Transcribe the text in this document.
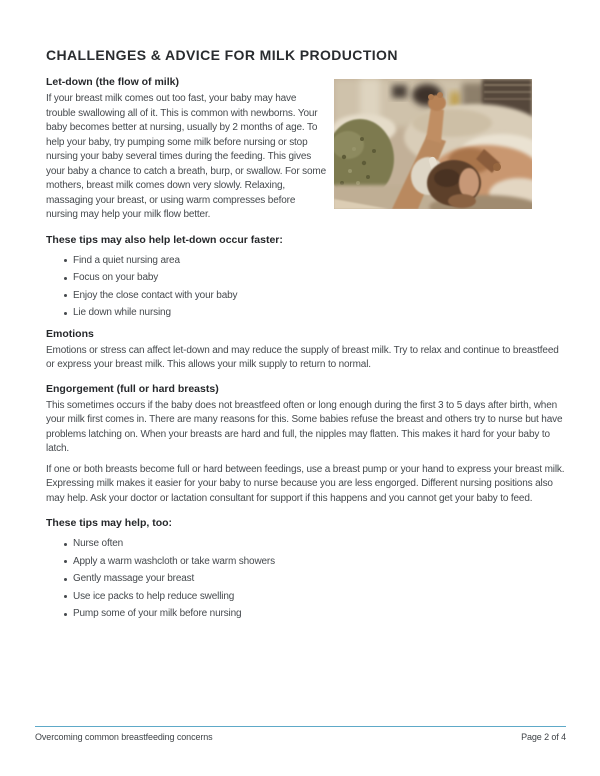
CHALLENGES & ADVICE FOR MILK PRODUCTION
Let-down (the flow of milk)

If your breast milk comes out too fast, your baby may have trouble swallowing all of it. This is common with newborns. Your baby becomes better at nursing, usually by 2 months of age. To help your baby, try pumping some milk before nursing or stop nursing your baby several times during the feeding. This gives your baby a chance to catch a breath, burp, or swallow. For some mothers, breast milk comes down very slowly. Relaxing, massaging your breast, or using warm compresses before nursing may help your milk flow better.

These tips may also help let-down occur faster:
Find a quiet nursing area
Focus on your baby
Enjoy the close contact with your baby
Lie down while nursing
Emotions

Emotions or stress can affect let-down and may reduce the supply of breast milk. Try to relax and continue to breastfeed or express your breast milk. This allows your milk supply to return to normal.

Engorgement (full or hard breasts)

This sometimes occurs if the baby does not breastfeed often or long enough during the first 3 to 5 days after birth, when your milk first comes in. There are many reasons for this. Some babies refuse the breast and others try to nurse but have problems latching on. When your breasts are hard and full, the nipples may flatten. This makes it hard for your baby to latch.

If one or both breasts become full or hard between feedings, use a breast pump or your hand to express your breast milk. Expressing milk makes it easier for your baby to nurse because you are less engorged. Different nursing positions also may help. Ask your doctor or lactation consultant for support if this happens and you cannot get your baby to feed.

These tips may help, too:
Nurse often
Apply a warm washcloth or take warm showers
Gently massage your breast
Use ice packs to help reduce swelling
Pump some of your milk before nursing
Overcoming common breastfeeding concerns	Page 2 of 4
